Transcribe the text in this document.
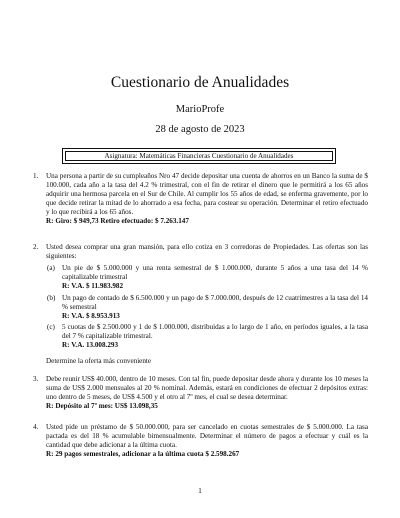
Cuestionario de Anualidades
MarioProfe
28 de agosto de 2023
Asignatura: Matemáticas Financieras Cuestionario de Anualidades
1. Una persona a partir de su cumpleaños Nro 47 decide depositar una cuenta de ahorros en un Banco la suma de $ 100.000, cada año a la tasa del 4.2 % trimestral, con el fin de retirar el dinero que le permitirá a los 65 años adquirir una hermosa parcela en el Sur de Chile. Al cumplir los 55 años de edad, se enferma gravemente, por lo que decide retirar la mitad de lo ahorrado a esa fecha, para costear su operación. Determinar el retiro efectuado y lo que recibirá a los 65 años.
R: Giro: $ 949,73 Retiro efectuado: $ 7.263.147
2. Usted desea comprar una gran mansión, para ello cotiza en 3 corredoras de Propiedades. Las ofertas son las siguientes:
(a) Un pie de $ 5.000.000 y una renta semestral de $ 1.000.000, durante 5 años a una tasa del 14 % capitalizable trimestral
R: V.A. $ 11.983.982
(b) Un pago de contado de $ 6.500.000 y un pago de $ 7.000.000, después de 12 cuatrimestres a la tasa del 14 % semestral
R: V.A. $ 8.953.913
(c) 5 cuotas de $ 2.500.000 y 1 de $ 1.000.000, distribuidas a lo largo de 1 año, en períodos iguales, a la tasa del 7 % capitalizable trimestral.
R: V.A. 13.008.293
Determine la oferta más conveniente
3. Debe reunir US$ 40.000, dentro de 10 meses. Con tal fin, puede depositar desde ahora y durante los 10 meses la suma de US$ 2.000 mensuales al 20 % nominal. Además, estará en condiciones de efectuar 2 depósitos extras: uno dentro de 5 meses, de US$ 4.500 y el otro al 7º mes, el cual se desea determinar.
R: Depósito al 7º mes: US$ 13.098,35
4. Usted pide un préstamo de $ 50.000.000, para ser cancelado en cuotas semestrales de $ 5.000.000. La tasa pactada es del 18 % acumulable bimensualmente. Determinar el número de pagos a efectuar y cuál es la cantidad que debe adicionar a la última cuota.
R: 29 pagos semestrales, adicionar a la última cuota $ 2.598.267
1
